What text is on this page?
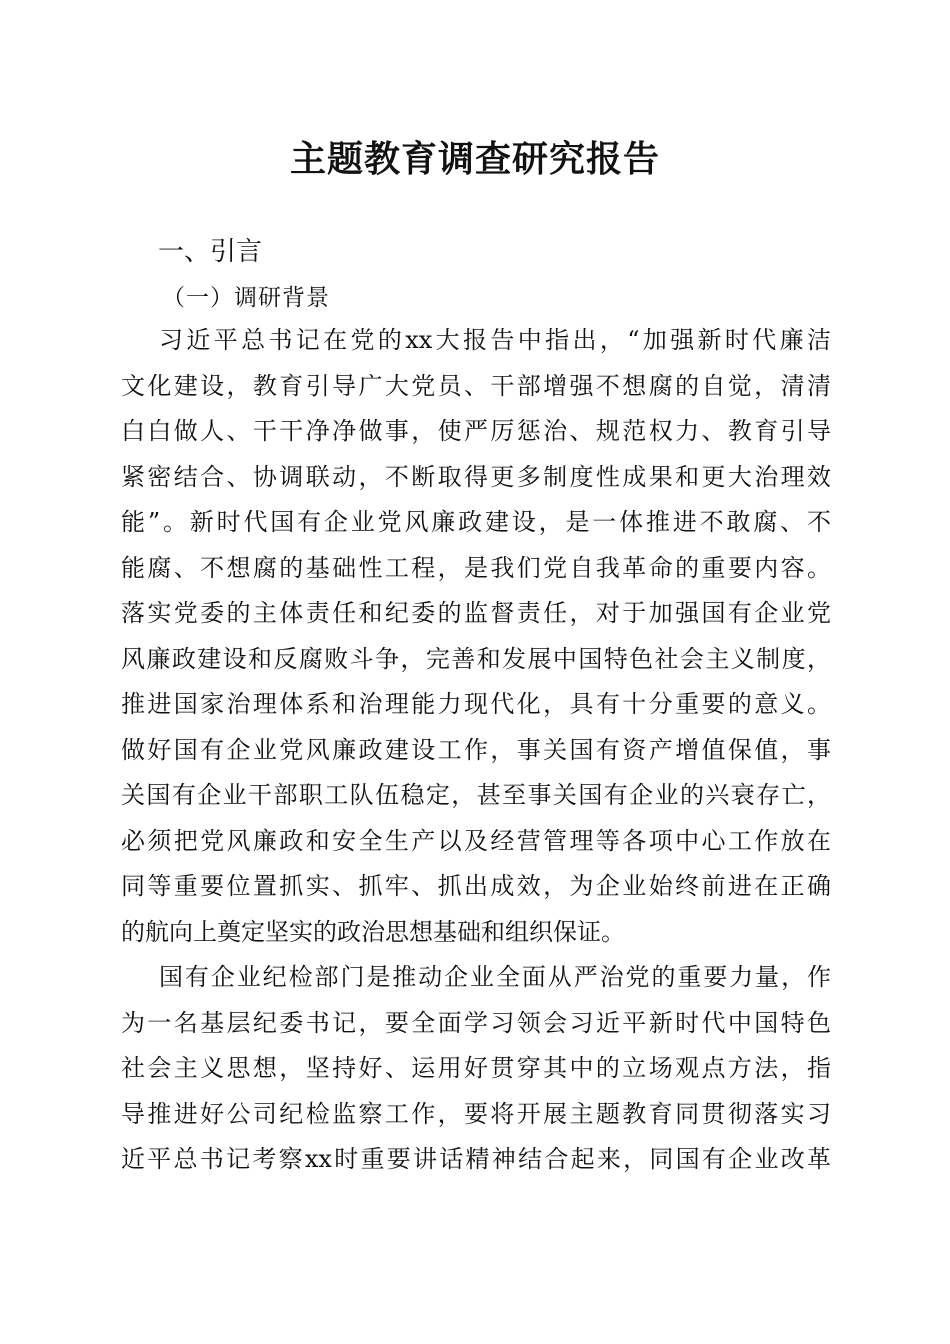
主题教育调查研究报告
一、引言
（一）调研背景
习近平总书记在党的xx大报告中指出，“加强新时代廉洁
文化建设，教育引导广大党员、干部增强不想腐的自觉，清清
白白做人、干干净净做事，使严厉惩治、规范权力、教育引导
紧密结合、协调联动，不断取得更多制度性成果和更大治理效
能”。新时代国有企业党风廉政建设，是一体推进不敢腐、不
能腐、不想腐的基础性工程，是我们党自我革命的重要内容。
落实党委的主体责任和纪委的监督责任，对于加强国有企业党
风廉政建设和反腐败斗争，完善和发展中国特色社会主义制度，
推进国家治理体系和治理能力现代化，具有十分重要的意义。
做好国有企业党风廉政建设工作，事关国有资产增值保值，事
关国有企业干部职工队伍稳定，甚至事关国有企业的兴衰存亡，
必须把党风廉政和安全生产以及经营管理等各项中心工作放在
同等重要位置抓实、抓牢、抓出成效，为企业始终前进在正确
的航向上奠定坚实的政治思想基础和组织保证。
国有企业纪检部门是推动企业全面从严治党的重要力量，作
为一名基层纪委书记，要全面学习领会习近平新时代中国特色
社会主义思想，坚持好、运用好贯穿其中的立场观点方法，指
导推进好公司纪检监察工作，要将开展主题教育同贯彻落实习
近平总书记考察xx时重要讲话精神结合起来，同国有企业改革
